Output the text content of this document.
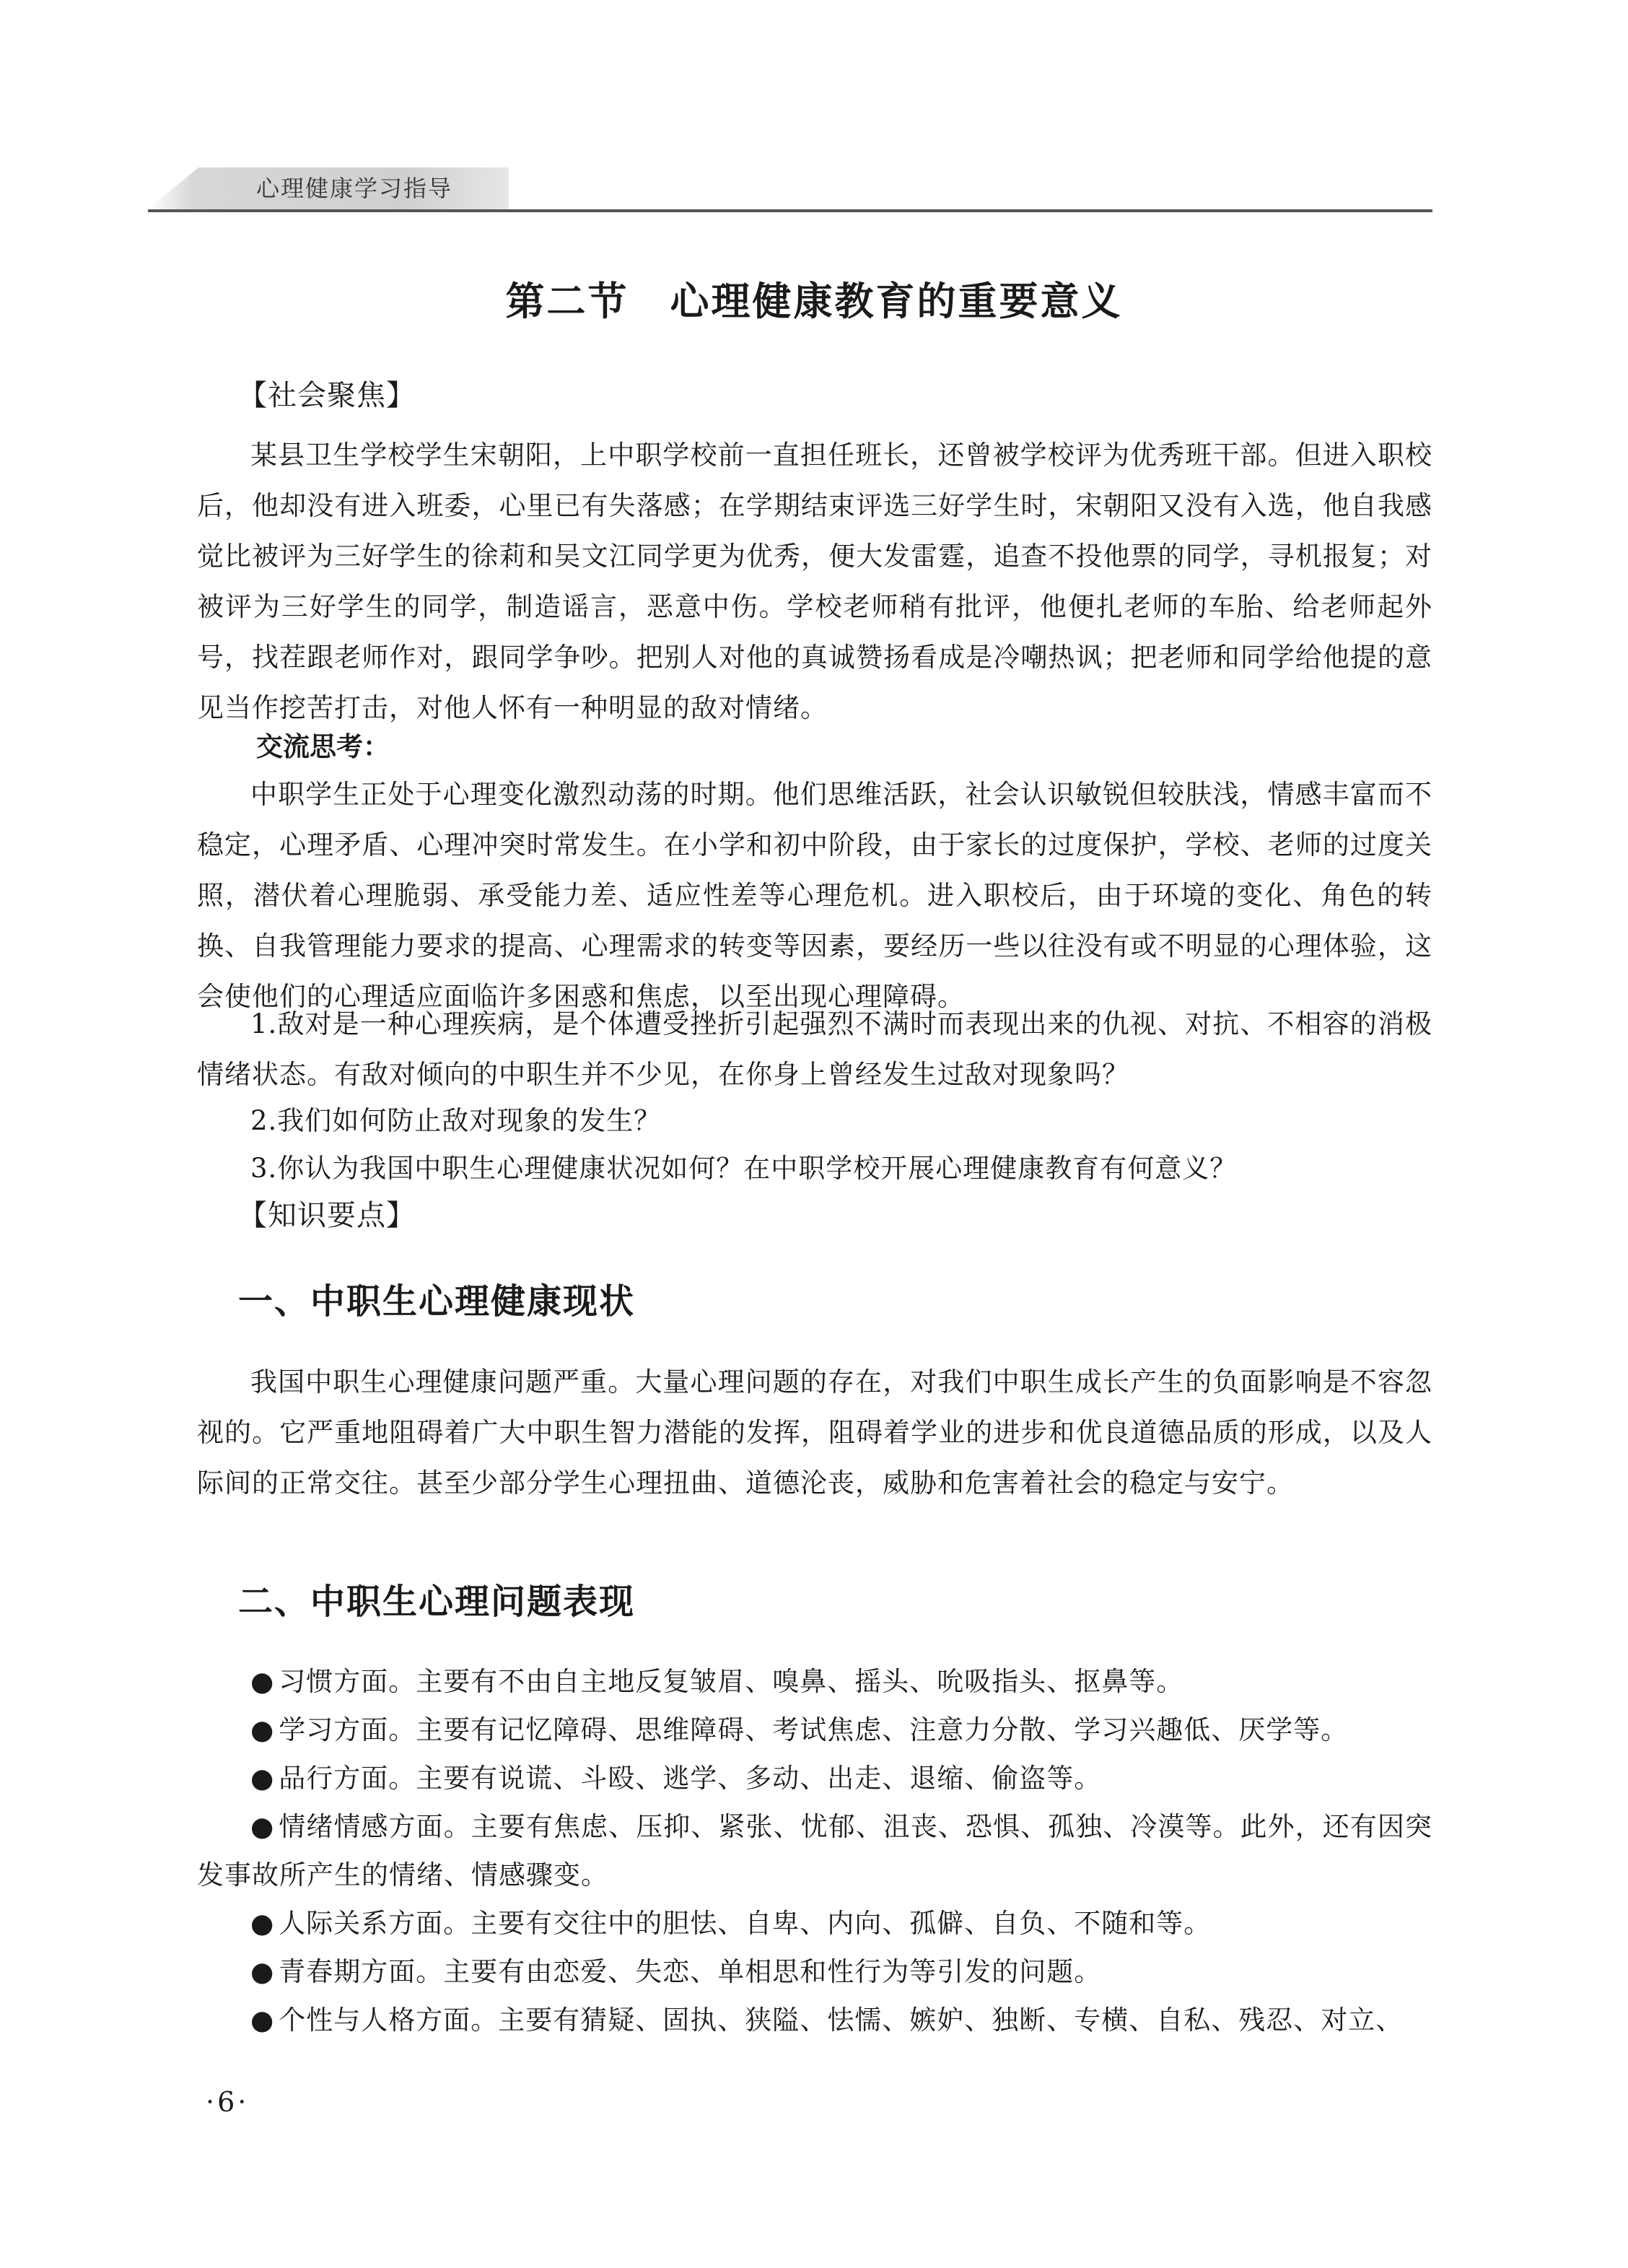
心理健康学习指导
第二节　心理健康教育的重要意义
【社会聚焦】

某县卫生学校学生宋朝阳，上中职学校前一直担任班长，还曾被学校评为优秀班干部。但进入职校后，他却没有进入班委，心里已有失落感；在学期结束评选三好学生时，宋朝阳又没有入选，他自我感觉比被评为三好学生的徐莉和吴文江同学更为优秀，便大发雷霆，追查不投他票的同学，寻机报复；对被评为三好学生的同学，制造谣言，恶意中伤。学校老师稍有批评，他便扎老师的车胎、给老师起外号，找茬跟老师作对，跟同学争吵。把别人对他的真诚赞扬看成是冷嘲热讽；把老师和同学给他提的意见当作挖苦打击，对他人怀有一种明显的敌对情绪。

交流思考：

中职学生正处于心理变化激烈动荡的时期。他们思维活跃，社会认识敏锐但较肤浅，情感丰富而不稳定，心理矛盾、心理冲突时常发生。在小学和初中阶段，由于家长的过度保护，学校、老师的过度关照，潜伏着心理脆弱、承受能力差、适应性差等心理危机。进入职校后，由于环境的变化、角色的转换、自我管理能力要求的提高、心理需求的转变等因素，要经历一些以往没有或不明显的心理体验，这会使他们的心理适应面临许多困惑和焦虑，以至出现心理障碍。

1.敌对是一种心理疾病，是个体遭受挫折引起强烈不满时而表现出来的仇视、对抗、不相容的消极情绪状态。有敌对倾向的中职生并不少见，在你身上曾经发生过敌对现象吗？

2.我们如何防止敌对现象的发生？

3.你认为我国中职生心理健康状况如何？在中职学校开展心理健康教育有何意义？

【知识要点】
一、中职生心理健康现状

我国中职生心理健康问题严重。大量心理问题的存在，对我们中职生成长产生的负面影响是不容忽视的。它严重地阻碍着广大中职生智力潜能的发挥，阻碍着学业的进步和优良道德品质的形成，以及人际间的正常交往。甚至少部分学生心理扭曲、道德沦丧，威胁和危害着社会的稳定与安宁。

二、中职生心理问题表现
● 习惯方面。主要有不由自主地反复皱眉、嗅鼻、摇头、吮吸指头、抠鼻等。
● 学习方面。主要有记忆障碍、思维障碍、考试焦虑、注意力分散、学习兴趣低、厌学等。
● 品行方面。主要有说谎、斗殴、逃学、多动、出走、退缩、偷盗等。
● 情绪情感方面。主要有焦虑、压抑、紧张、忧郁、沮丧、恐惧、孤独、冷漠等。此外，还有因突发事故所产生的情绪、情感骤变。
● 人际关系方面。主要有交往中的胆怯、自卑、内向、孤僻、自负、不随和等。
● 青春期方面。主要有由恋爱、失恋、单相思和性行为等引发的问题。
● 个性与人格方面。主要有猜疑、固执、狭隘、怯懦、嫉妒、独断、专横、自私、残忍、对立、
·6·
